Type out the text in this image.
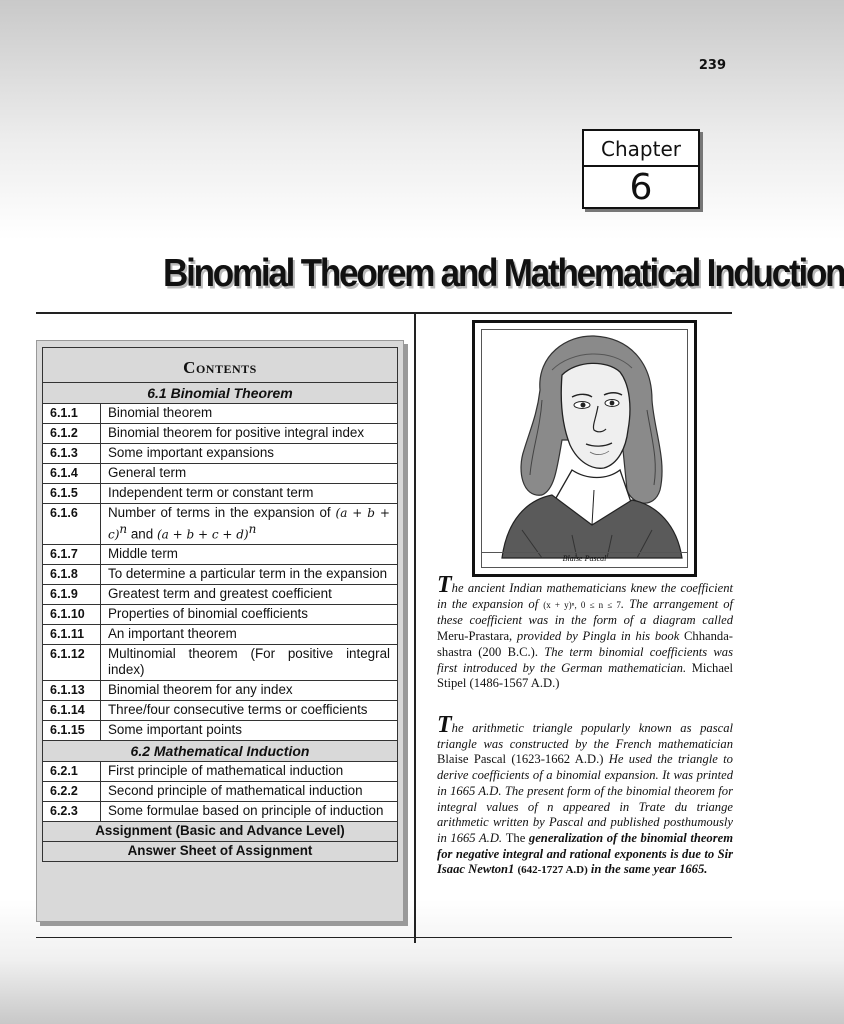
239
Chapter
6
Binomial Theorem and Mathematical Induction
Contents	
6.1 Binomial Theorem	
6.1.1	Binomial theorem
6.1.2	Binomial theorem for positive integral index
6.1.3	Some important expansions
6.1.4	General term
6.1.5	Independent term or constant term
6.1.6	Number of terms in the expansion of $(a + b + c)^n$ and $(a + b + c + d)^n$
6.1.7	Middle term
6.1.8	To determine a particular term in the expansion
6.1.9	Greatest term and greatest coefficient
6.1.10	Properties of binomial coefficients
6.1.11	An important theorem
6.1.12	Multinomial theorem (For positive integral index)
6.1.13	Binomial theorem for any index
6.1.14	Three/four consecutive terms or coefficients
6.1.15	Some important points
6.2 Mathematical Induction	
6.2.1	First principle of mathematical induction
6.2.2	Second principle of mathematical induction
6.2.3	Some formulae based on principle of induction
Assignment (Basic and Advance Level)	
Answer Sheet of Assignment	
Blaise Pascal
The ancient Indian mathematicians knew the coefficient in the expansion of (x + y)ⁿ, 0 ≤ n ≤ 7. The arrangement of these coefficient was in the form of a diagram called Meru-Prastara, provided by Pingla in his book Chhanda-shastra (200 B.C.). The term binomial coefficients was first introduced by the German mathematician. Michael Stipel (1486-1567 A.D.)
The arithmetic triangle popularly known as pascal triangle was constructed by the French mathematician Blaise Pascal (1623-1662 A.D.) He used the triangle to derive coefficients of a binomial expansion. It was printed in 1665 A.D. The present form of the binomial theorem for integral values of n appeared in Trate du triange arithmetic written by Pascal and published posthumously in 1665 A.D. The generalization of the binomial theorem for negative integral and rational exponents is due to Sir Isaac Newton1 (642-1727 A.D) in the same year 1665.
